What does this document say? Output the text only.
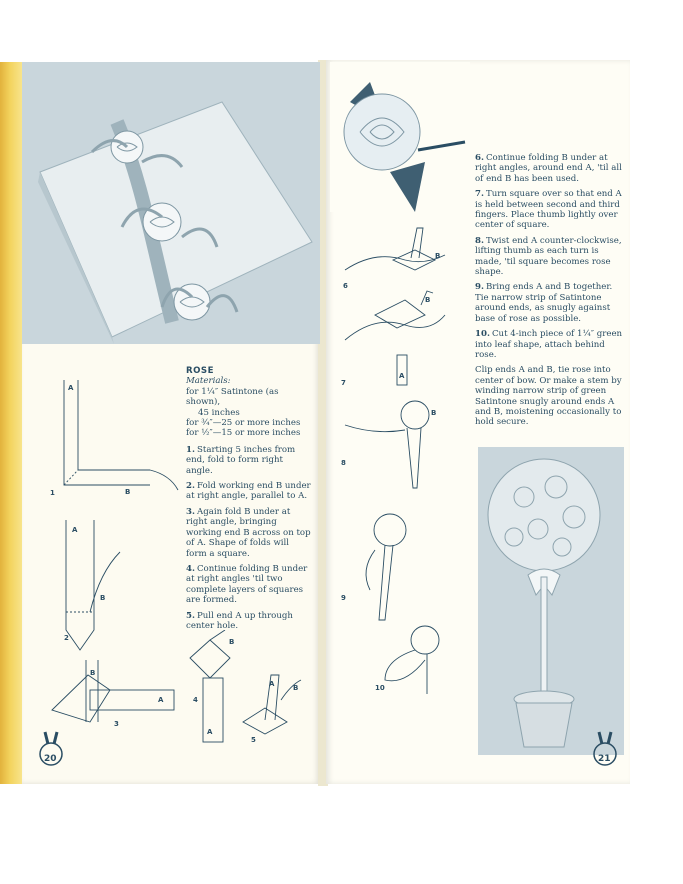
A
B
1
A
B
2
B
A
3
B
4
A
A	B
5
ROSE
Materials:
for 1¼″ Satintone (as shown),
45 inches
for ¾″—25 or more inches
for ½″—15 or more inches

1. Starting 5 inches from end, fold to form right angle.

2. Fold working end B under at right angle, parallel to A.

3. Again fold B under at right angle, bringing working end B across on top of A. Shape of folds will form a square.

4. Continue folding B under at right angles 'til two complete layers of squares are formed.

5. Pull end A up through center hole.

B
6
B
A
7
B
8
9
10

6. Continue folding B under at right angles, around end A, 'til all of end B has been used.

7. Turn square over so that end A is held between second and third fingers. Place thumb lightly over center of square.

8. Twist end A counter-clockwise, lifting thumb as each turn is made, 'til square becomes rose shape.

9. Bring ends A and B together. Tie narrow strip of Satintone around ends, as snugly against base of rose as possible.

10. Cut 4-inch piece of 1¼″ green into leaf shape, attach behind rose.

Clip ends A and B, tie rose into center of bow. Or make a stem by winding narrow strip of green Satintone snugly around ends A and B, moistening occasionally to hold secure.

20	21
